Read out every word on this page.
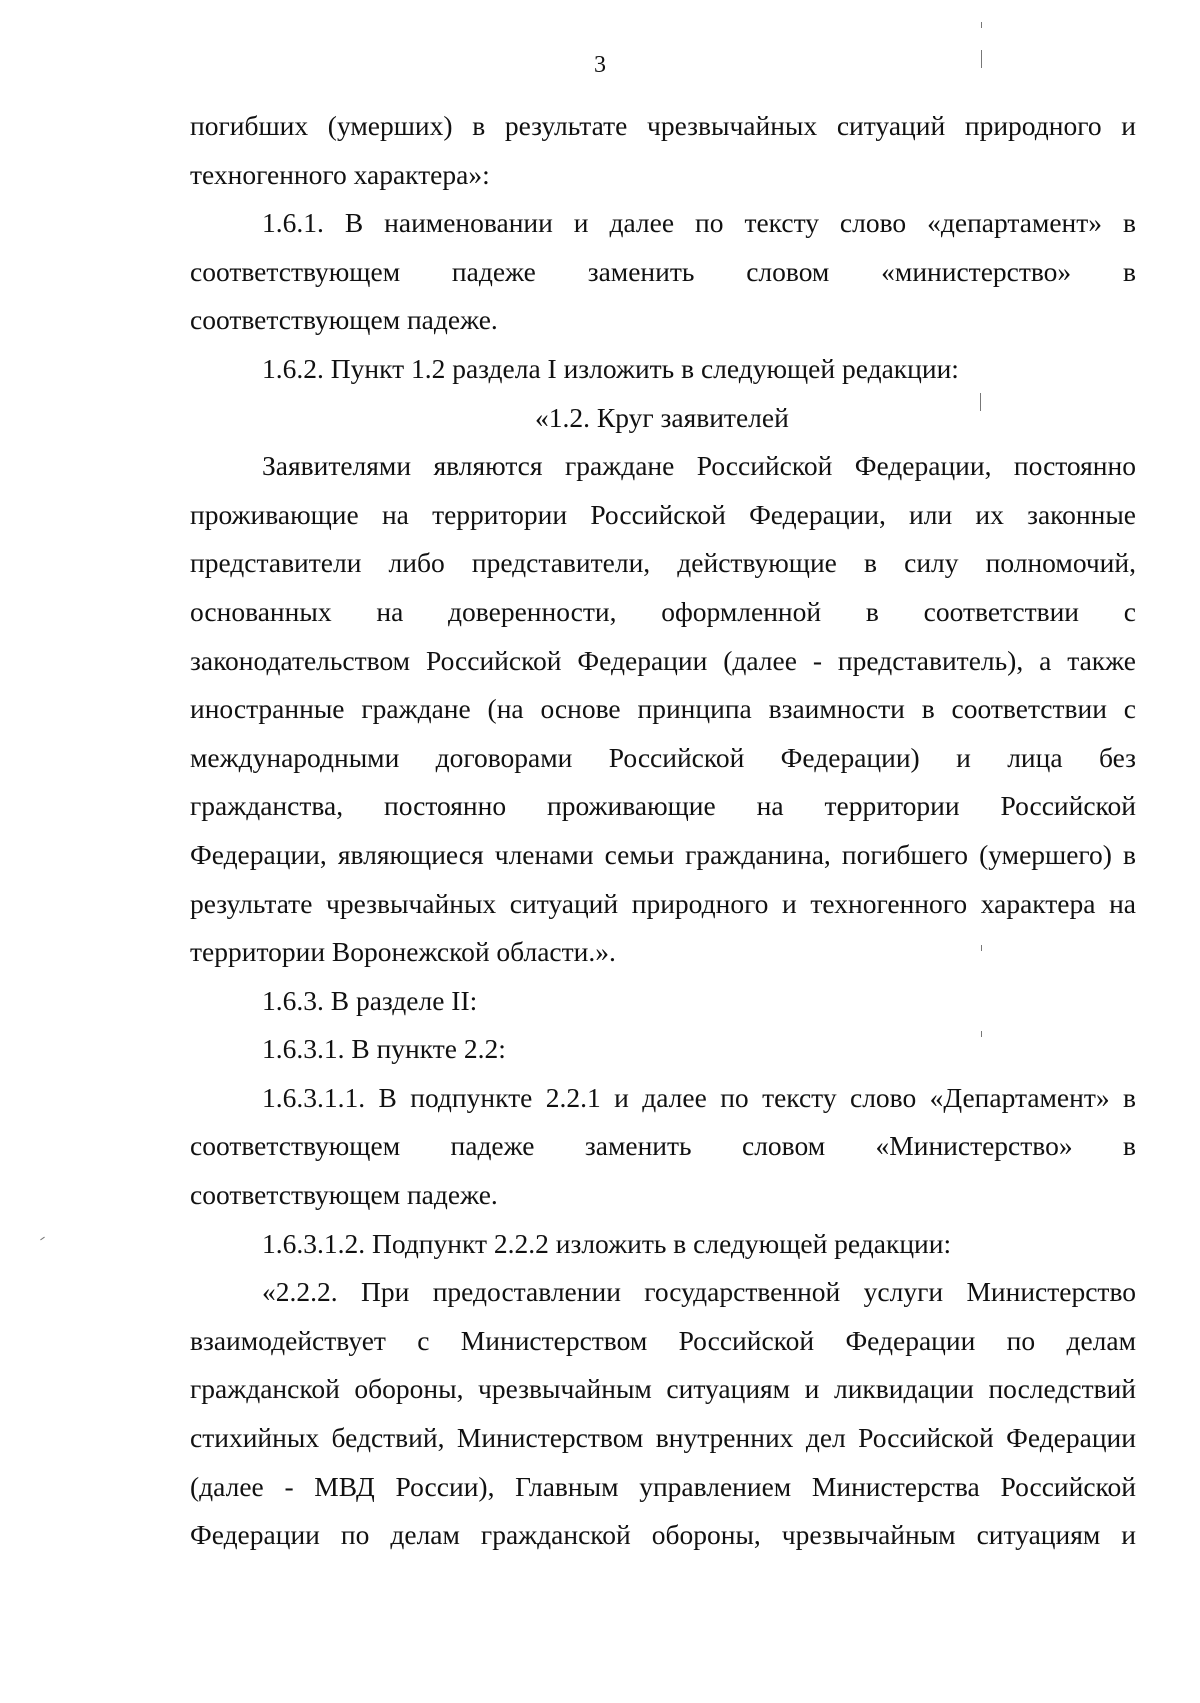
3
погибших (умерших) в результате чрезвычайных ситуаций природного и
техногенного характера»:
1.6.1. В наименовании и далее по тексту слово «департамент» в
соответствующем падеже заменить словом «министерство» в
соответствующем падеже.
1.6.2. Пункт 1.2 раздела I изложить в следующей редакции:
«1.2. Круг заявителей
Заявителями являются граждане Российской Федерации, постоянно
проживающие на территории Российской Федерации, или их законные
представители либо представители, действующие в силу полномочий,
основанных на доверенности, оформленной в соответствии с
законодательством Российской Федерации (далее - представитель), а также
иностранные граждане (на основе принципа взаимности в соответствии с
международными договорами Российской Федерации) и лица без
гражданства, постоянно проживающие на территории Российской
Федерации, являющиеся членами семьи гражданина, погибшего (умершего) в
результате чрезвычайных ситуаций природного и техногенного характера на
территории Воронежской области.».
1.6.3. В разделе II:
1.6.3.1. В пункте 2.2:
1.6.3.1.1. В подпункте 2.2.1 и далее по тексту слово «Департамент» в
соответствующем падеже заменить словом «Министерство» в
соответствующем падеже.
1.6.3.1.2. Подпункт 2.2.2 изложить в следующей редакции:
«2.2.2. При предоставлении государственной услуги Министерство
взаимодействует с Министерством Российской Федерации по делам
гражданской обороны, чрезвычайным ситуациям и ликвидации последствий
стихийных бедствий, Министерством внутренних дел Российской Федерации
(далее - МВД России), Главным управлением Министерства Российской
Федерации по делам гражданской обороны, чрезвычайным ситуациям и
